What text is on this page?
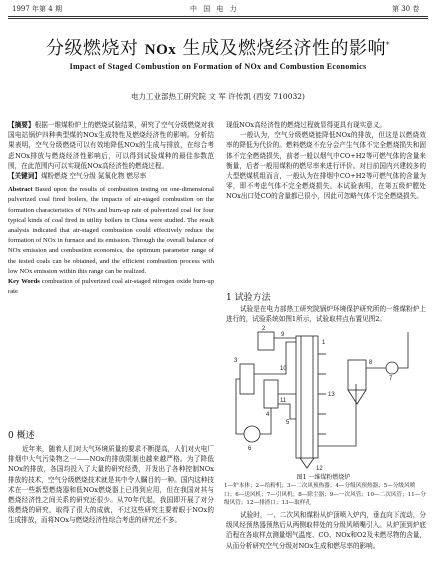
1997 年第 4 期	中 国 电 力	第 30 卷
分级燃烧对 NOx 生成及燃烧经济性的影响*
Impact of Staged Combustion on Formation of NOx and Combustion Economics
电力工业部热工研究院 文 军 许传凯 (西安 710032)

【摘要】根据一维煤粉炉上的燃烧试验结果，研究了空气分级燃烧对我国电站锅炉四种典型煤的NOx生成特性及燃烧经济性的影响。分析结果表明，空气分级燃烧可以有效地降低NOx的生成与排放，在综合考虑NOx排放与燃烧经济性影响后，可以得到试验煤种的最佳参数范围，在此范围内可以实现低NOx高经济性的燃烧过程。

【关键词】煤粉燃烧 空气分级 氮氧化物 燃尽率

Abstract Based upon the results of combustion testing on one-dimensional pulverized coal fired boilers, the impacts of air-staged combustion on the formation characteristics of NOx and burn-up rate of pulverized coal for four typical kinds of coal fired in utility boilers in China were studied. The result analysis indicated that air-staged combustion could effectively reduce the formation of NOx in furnace and its emission. Through the overall balance of NOx emission and combustion economics, the optimum parameter range of the tested coals can be obtained, and the efficient combustion process with low NOx emission within this range can be realized.

Key Words combustion of pulverized coal air-staged nitrogen oxide burn-up rate

0 概述
近年来，随着人们对大气环境质量的要求不断提高，人们对火电厂排烟中大气污染物之一——NOx的排放限制也越来越严格。为了降低NOx的排放，各国均投入了大量的研究经费，开发出了各种控制NOx排放的技术，空气分级燃烧技术就是其中令人瞩目的一种。国内这种技术在一些新型燃烧器和低NOx燃烧器上已得到应用，但在我国对其与燃烧经济性之间关系的研究还很少。从70年代起，我国即开展了对分级燃烧的研究，取得了很大的成就，不过这些研究主要着眼于NOx的生成排放，而将NOx与燃烧经济性综合考虑的研究还不多。

现低NOx高经济性的燃烧过程就显得更具有现实意义。

一般认为，空气分级燃烧能降低NOx的排放，但这是以燃烧效率的降低为代价的。燃料燃烧不充分会产生气体不完全燃烧损失和固体不完全燃烧损失，前者一般以烟气中CO+H2等可燃气体的含量来衡量，后者一般用煤粉的燃尽率来进行评价。对目前国内兴建较多的大型燃煤机组而言，一般认为在排烟中CO+H2等可燃气体的含量为零，即不考虑气体不完全燃烧损失。本试验表明，在第五级炉膛处NOx出口处CO的含量都已很小，因此可忽略气体不完全燃烧损失。

1 试验方法
试验是在电力部热工研究院锅炉环境保护研究所的一维煤粉炉上进行的，试验系统如图1所示，试验取样点布置见图2。
1
2
3
4
5
6
7
8
9
10
11
12
13
图1 一维煤粉燃烧炉
1—炉本体；2—给粉机；3—二次风预热器；4—分级风预热器；5—分级风喷口；6—送风机；7—引风机；8—除尘器；9—一次风管；10—二次风管；11—分级风管；12—排渣口；13—取样孔
试验时，一、二次风和煤粉从炉顶喷入炉内，垂直向下流动，分级风经预热器预热后从两侧取样处的分级风喷嘴引入。从炉顶到炉底沿程在各取样点测量烟气温度、CO、NOx和O2及未燃尽物的含量，从而分析研究空气分级对NOx生成和燃尽率的影响。
